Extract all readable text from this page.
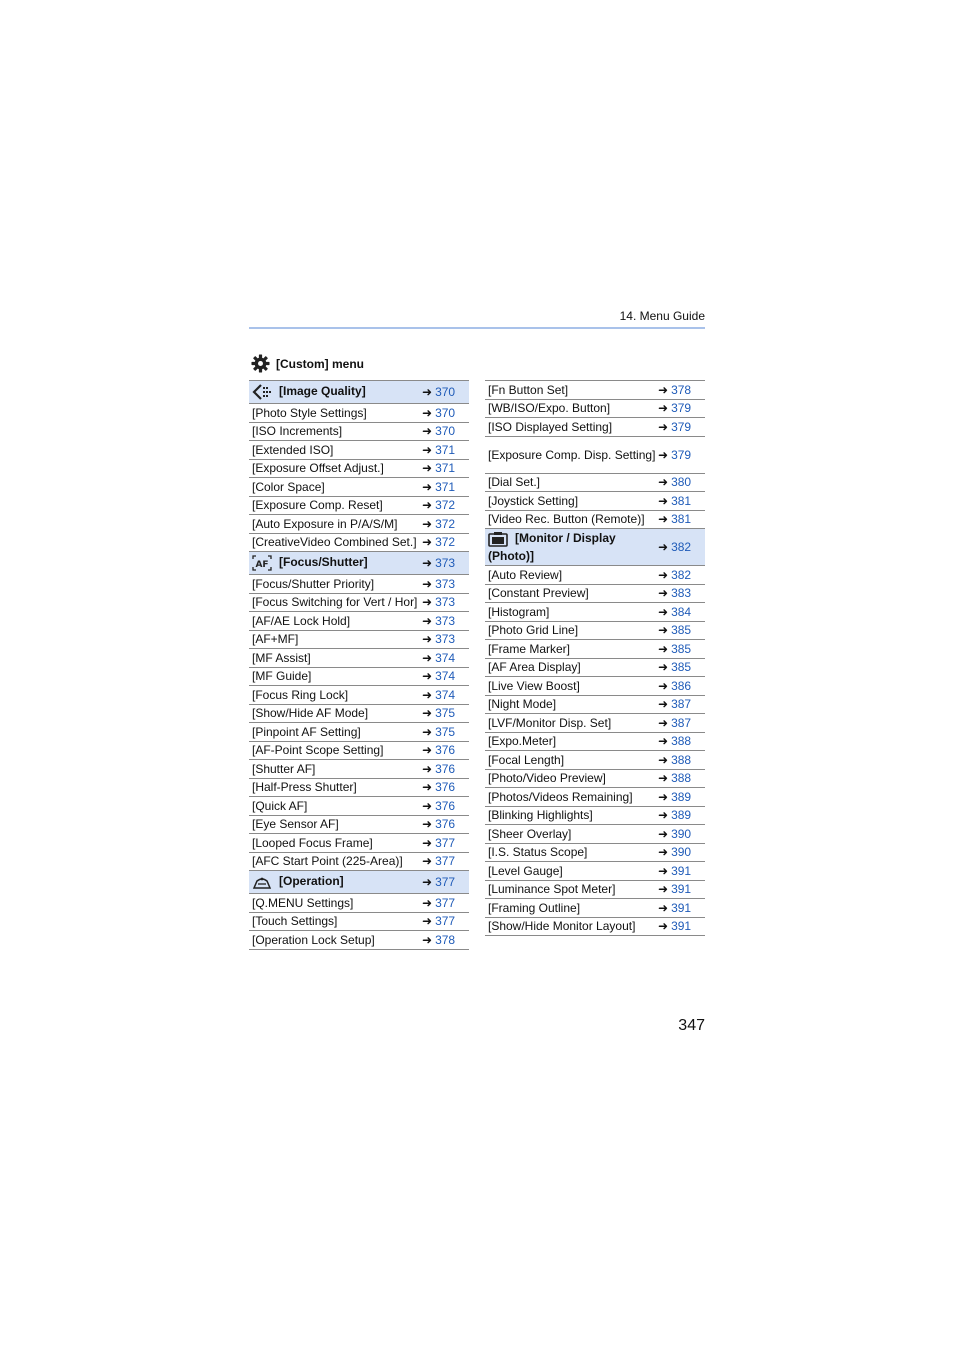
14. Menu Guide
[Custom] menu
[Image Quality]	➜ 370
[Photo Style Settings]	➜ 370
[ISO Increments]	➜ 370
[Extended ISO]	➜ 371
[Exposure Offset Adjust.]	➜ 371
[Color Space]	➜ 371
[Exposure Comp. Reset]	➜ 372
[Auto Exposure in P/A/S/M]	➜ 372
[CreativeVideo Combined Set.]	➜ 372

AF [Focus/Shutter]	➜ 373
[Focus/Shutter Priority]	➜ 373
[Focus Switching for Vert / Hor]	➜ 373
[AF/AE Lock Hold]	➜ 373
[AF+MF]	➜ 373
[MF Assist]	➜ 374
[MF Guide]	➜ 374
[Focus Ring Lock]	➜ 374
[Show/Hide AF Mode]	➜ 375
[Pinpoint AF Setting]	➜ 375
[AF-Point Scope Setting]	➜ 376
[Shutter AF]	➜ 376
[Half-Press Shutter]	➜ 376
[Quick AF]	➜ 376
[Eye Sensor AF]	➜ 376
[Looped Focus Frame]	➜ 377
[AFC Start Point (225-Area)]	➜ 377
[Operation]	➜ 377
[Q.MENU Settings]	➜ 377
[Touch Settings]	➜ 377
[Operation Lock Setup]	➜ 378
[Fn Button Set]	➜ 378
[WB/ISO/Expo. Button]	➜ 379
[ISO Displayed Setting]	➜ 379
[Exposure Comp. Disp. Setting]	➜ 379
[Dial Set.]	➜ 380
[Joystick Setting]	➜ 381
[Video Rec. Button (Remote)]	➜ 381
[Monitor / Display (Photo)]	➜ 382
[Auto Review]	➜ 382
[Constant Preview]	➜ 383
[Histogram]	➜ 384
[Photo Grid Line]	➜ 385
[Frame Marker]	➜ 385
[AF Area Display]	➜ 385
[Live View Boost]	➜ 386
[Night Mode]	➜ 387
[LVF/Monitor Disp. Set]	➜ 387
[Expo.Meter]	➜ 388
[Focal Length]	➜ 388
[Photo/Video Preview]	➜ 388
[Photos/Videos Remaining]	➜ 389
[Blinking Highlights]	➜ 389
[Sheer Overlay]	➜ 390
[I.S. Status Scope]	➜ 390
[Level Gauge]	➜ 391
[Luminance Spot Meter]	➜ 391
[Framing Outline]	➜ 391
[Show/Hide Monitor Layout]	➜ 391
347
